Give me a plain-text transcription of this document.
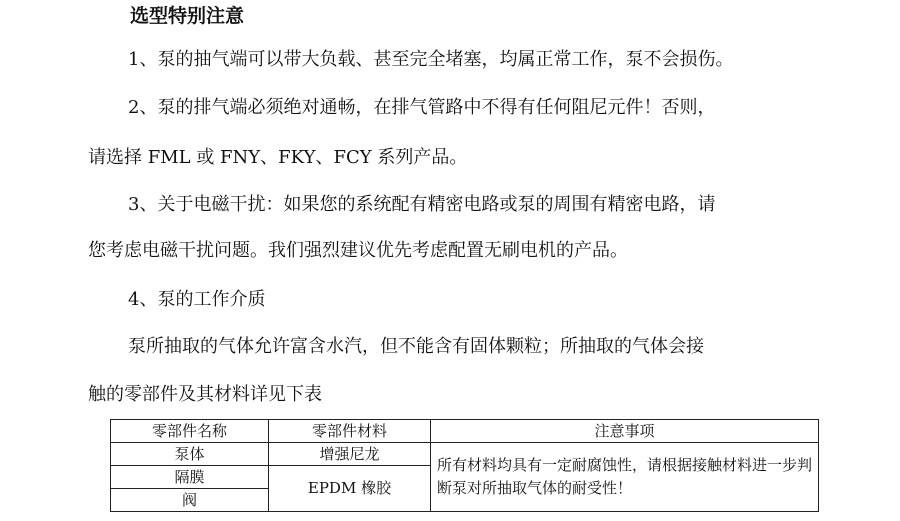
选型特别注意
1、泵的抽气端可以带大负载、甚至完全堵塞，均属正常工作，泵不会损伤。
2、泵的排气端必须绝对通畅，在排气管路中不得有任何阻尼元件！否则，
请选择 FML 或 FNY、FKY、FCY 系列产品。
3、关于电磁干扰：如果您的系统配有精密电路或泵的周围有精密电路，请
您考虑电磁干扰问题。我们强烈建议优先考虑配置无刷电机的产品。
4、泵的工作介质
泵所抽取的气体允许富含水汽，但不能含有固体颗粒；所抽取的气体会接
触的零部件及其材料详见下表
零部件名称	零部件材料	注意事项
泵体	增强尼龙	所有材料均具有一定耐腐蚀性，请根据接触材料进一步判断泵对所抽取气体的耐受性！
隔膜	EPDM 橡胶	
阀		
